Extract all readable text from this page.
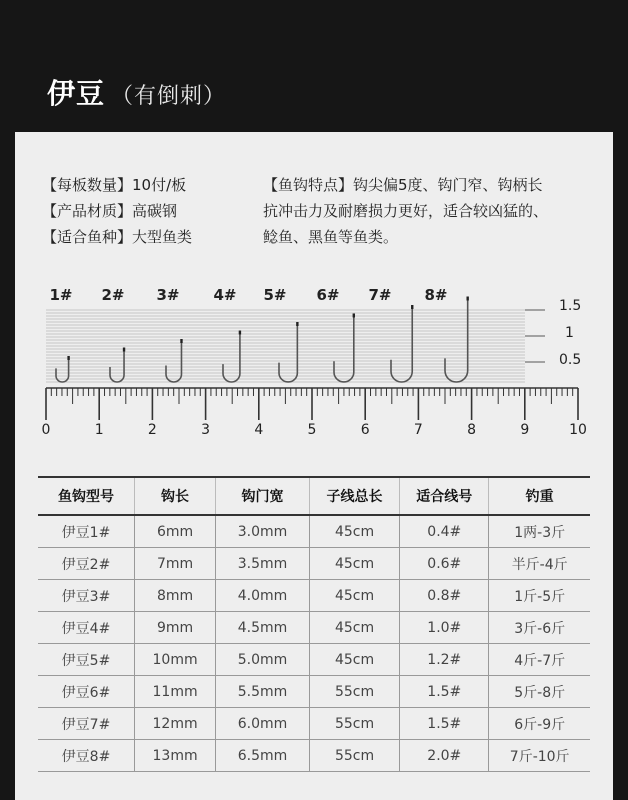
伊豆 （有倒刺）
【每板数量】10付/板
【产品材质】高碳钢
【适合鱼种】大型鱼类
【鱼钩特点】钩尖偏5度、钩门窄、钩柄长
抗冲击力及耐磨损力更好，适合较凶猛的、
鲶鱼、黑鱼等鱼类。
1# 2# 3# 4# 5# 6# 7# 8#
1.5
1
0.5
0	1	2	3	4	5	6	7	8	9	10
鱼钩型号	钩长	钩门宽	子线总长	适合线号	钓重
伊豆1#	6mm	3.0mm	45cm	0.4#	1两-3斤
伊豆2#	7mm	3.5mm	45cm	0.6#	半斤-4斤
伊豆3#	8mm	4.0mm	45cm	0.8#	1斤-5斤
伊豆4#	9mm	4.5mm	45cm	1.0#	3斤-6斤
伊豆5#	10mm	5.0mm	45cm	1.2#	4斤-7斤
伊豆6#	11mm	5.5mm	55cm	1.5#	5斤-8斤
伊豆7#	12mm	6.0mm	55cm	1.5#	6斤-9斤
伊豆8#	13mm	6.5mm	55cm	2.0#	7斤-10斤
